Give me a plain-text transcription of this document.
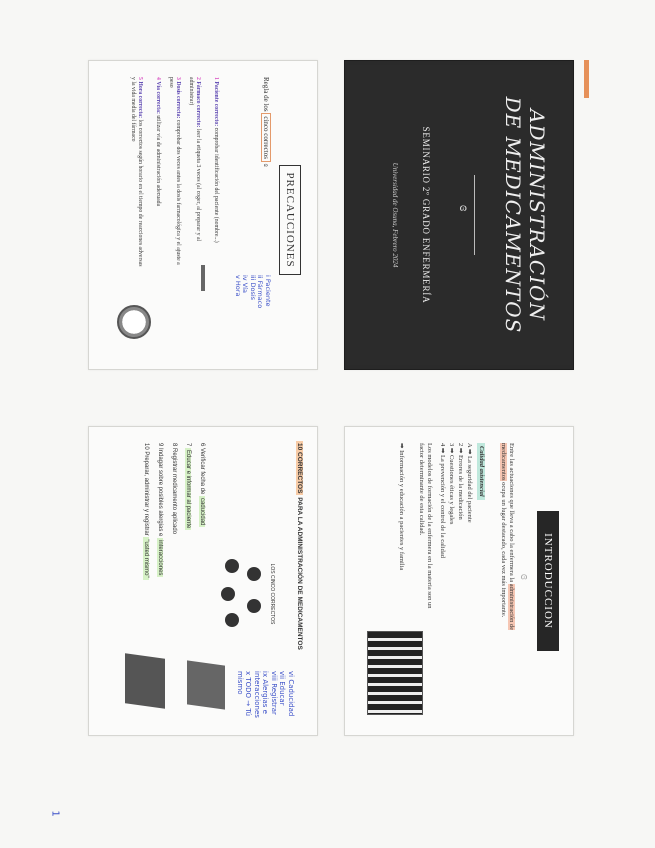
ADMINISTRACIÓN
DE MEDICAMENTOS
ɞ
SEMINARIO 2º GRADO ENFERMERÍA
Universidad de Osuna, Febrero 2024
INTRODUCCION
ɞ
Entre las actuaciones que lleva a cabo la enfermera la administración de medicamentos ocupa un lugar destacado, cada vez más importante.
Calidad asistencial
A ➡ La seguridad del paciente
2 ➡ Errores de la medicación
3 ➡ Cuestiones éticas y legales
4 ➡ La prevención y el control de la calidad
Los modelos de formación de la enfermera en la materia son un factor determinante de esta calidad.
➡ Información y educación a pacientes y familia
PRECAUCIONES
Regla de los cinco correctos ɞ
i Paciente
ii Fármaco
iii Dosis
iv Vía
v Hora
1 Paciente correcto: comprobar identificación del paciente (nombre...)
2 Fármaco correcto: leer la etiqueta 3 veces (al coger, al preparar y al administrar)
3 Dosis correcta: comprobar dos veces antes la dosis farmacológica y el ajuste a peso
4 Vía correcta: utilizar vía de administración adecuada
5 Hora correcta: los correctos según horario en el tiempo de reacciones adversas y la vida media del fármaco
10 CORRECTOS PARA LA ADMINISTRACIÓN DE MEDICAMENTOS
LOS CINCO CORRECTOS
6 Verificar fecha de caducidad
7 Educar e informar al paciente
8 Registrar medicamento aplicado
9 Indagar sobre posibles alergias e interacciones
10 Preparar, administrar y registrar "usted mismo"
vi Caducidad
vii Educar
viii Registrar
ix Alergias e interacciones
x TODO → Tú mismo
1
